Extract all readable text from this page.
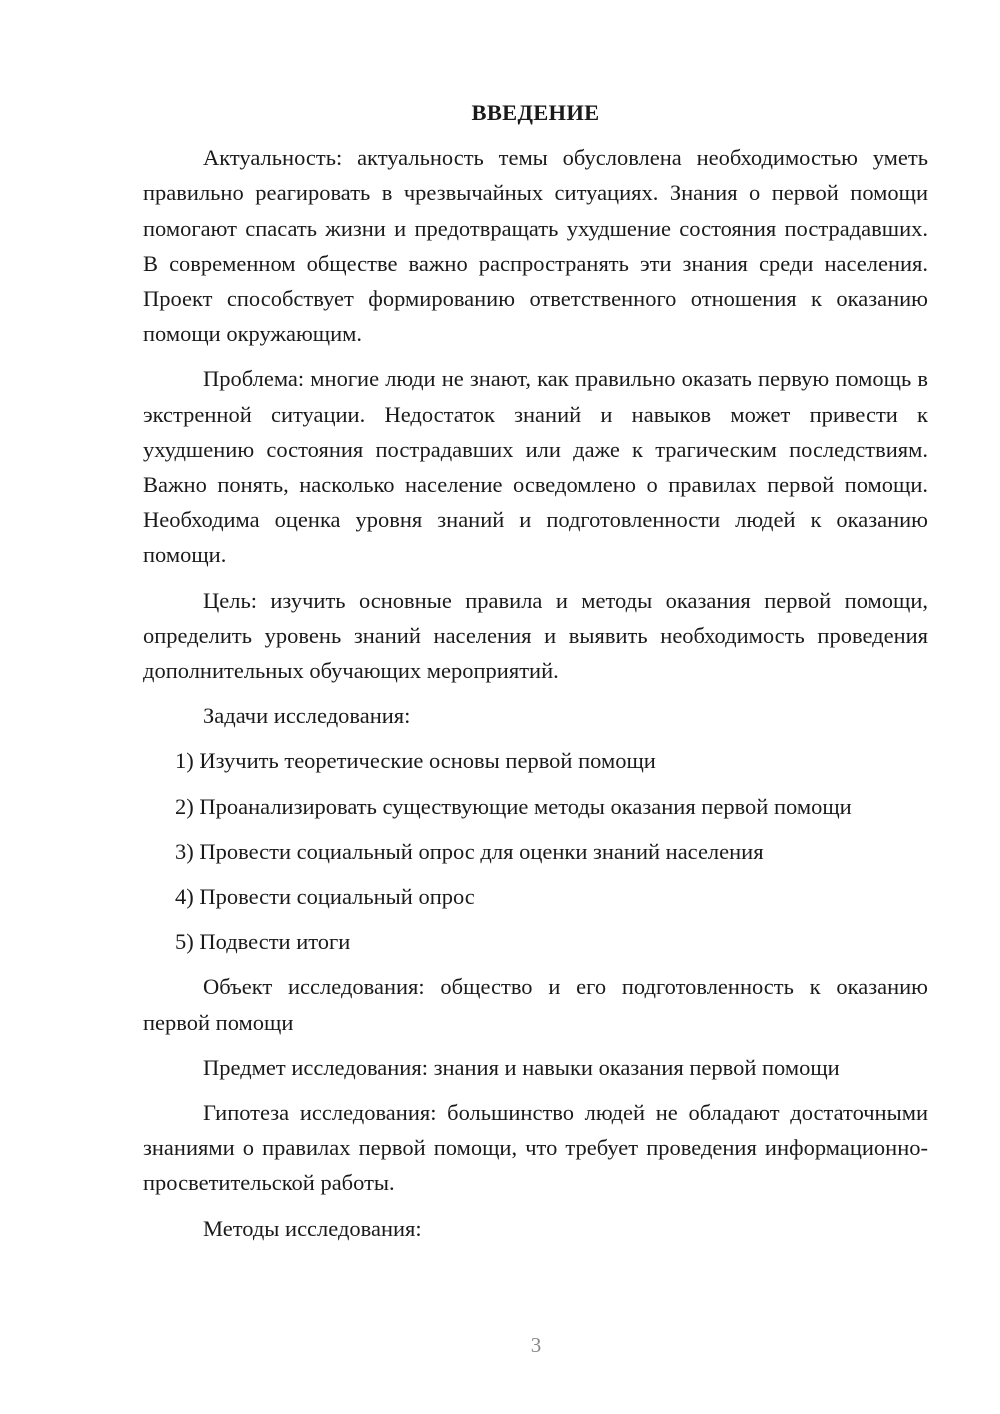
ВВЕДЕНИЕ

Актуальность: актуальность темы обусловлена необходимостью уметь правильно реагировать в чрезвычайных ситуациях. Знания о первой помощи помогают спасать жизни и предотвращать ухудшение состояния пострадавших. В современном обществе важно распространять эти знания среди населения. Проект способствует формированию ответственного отношения к оказанию помощи окружающим.

Проблема: многие люди не знают, как правильно оказать первую помощь в экстренной ситуации. Недостаток знаний и навыков может привести к ухудшению состояния пострадавших или даже к трагическим последствиям. Важно понять, насколько население осведомлено о правилах первой помощи. Необходима оценка уровня знаний и подготовленности людей к оказанию помощи.

Цель: изучить основные правила и методы оказания первой помощи, определить уровень знаний населения и выявить необходимость проведения дополнительных обучающих мероприятий.

Задачи исследования:

1) Изучить теоретические основы первой помощи
2) Проанализировать существующие методы оказания первой помощи
3) Провести социальный опрос для оценки знаний населения
4) Провести социальный опрос
5) Подвести итоги

Объект исследования: общество и его подготовленность к оказанию первой помощи

Предмет исследования: знания и навыки оказания первой помощи

Гипотеза исследования: большинство людей не обладают достаточными знаниями о правилах первой помощи, что требует проведения информационно-просветительской работы.

Методы исследования:

3
